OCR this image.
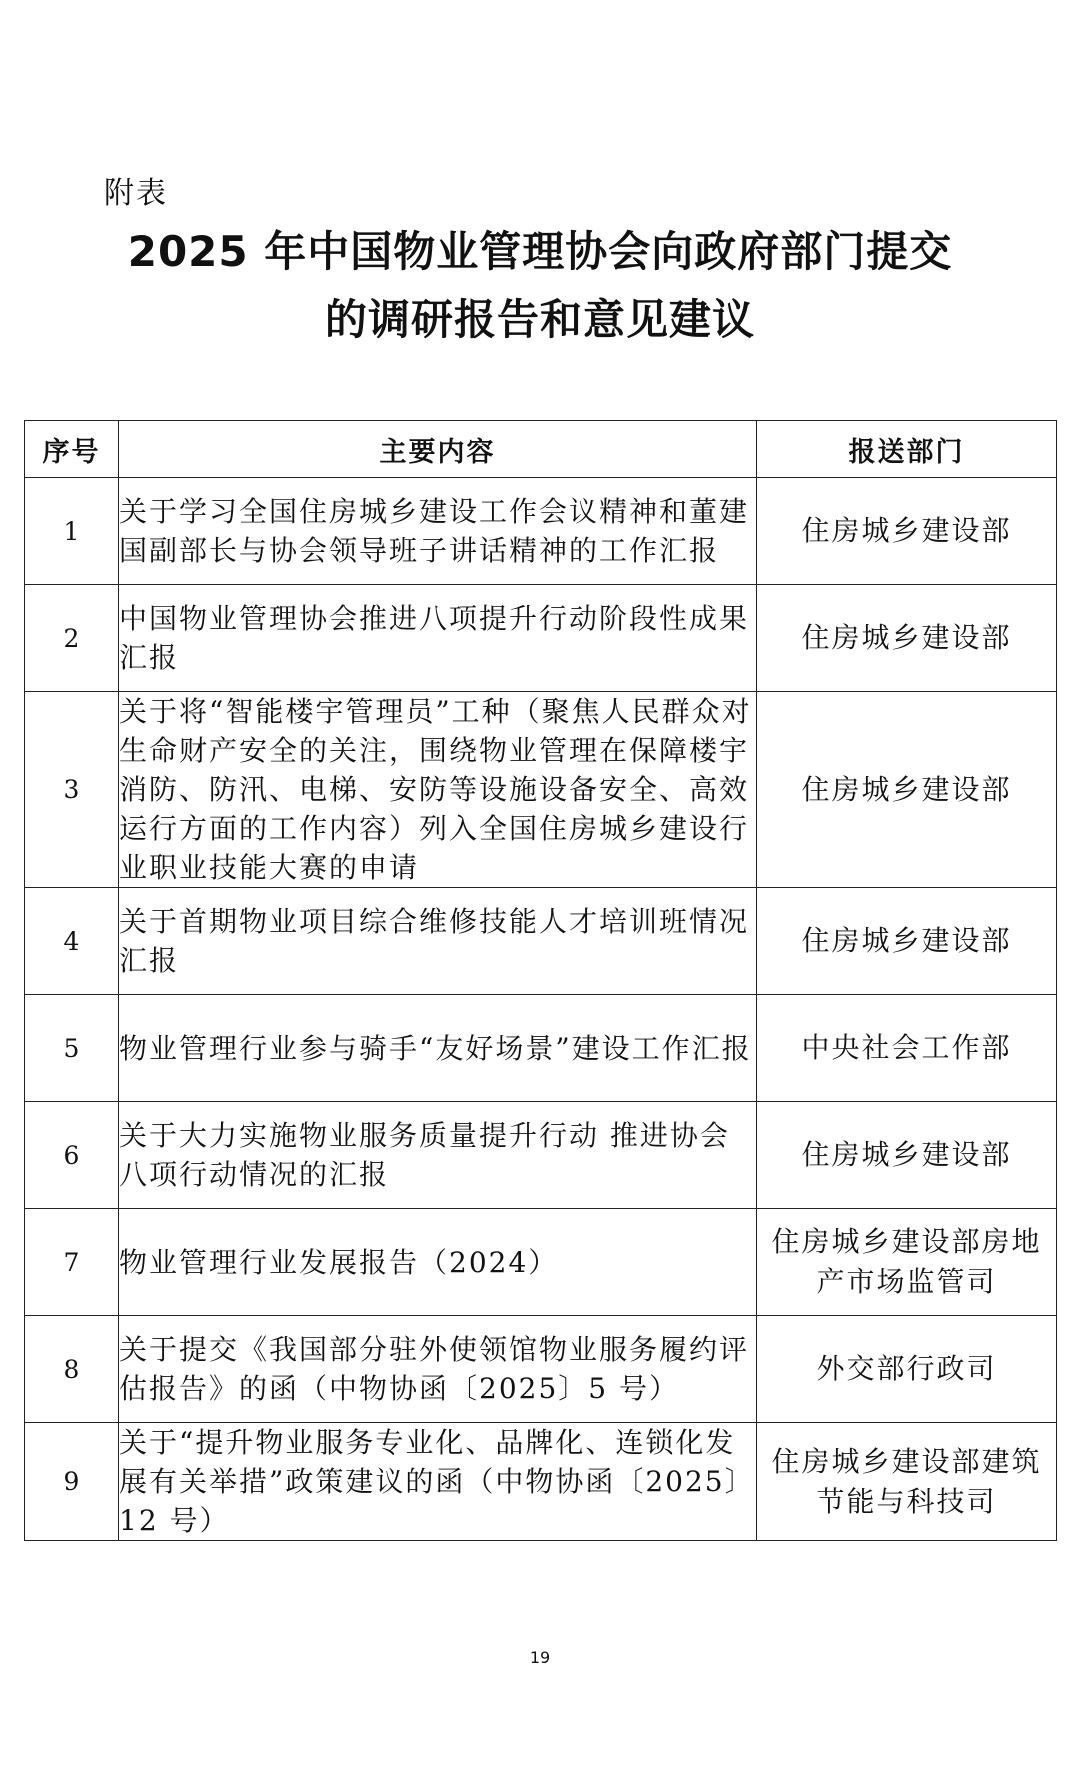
附表
2025 年中国物业管理协会向政府部门提交
的调研报告和意见建议
序号	主要内容	报送部门
1	关于学习全国住房城乡建设工作会议精神和董建国副部长与协会领导班子讲话精神的工作汇报	住房城乡建设部
2	中国物业管理协会推进八项提升行动阶段性成果汇报	住房城乡建设部
3	关于将“智能楼宇管理员”工种（聚焦人民群众对生命财产安全的关注，围绕物业管理在保障楼宇消防、防汛、电梯、安防等设施设备安全、高效运行方面的工作内容）列入全国住房城乡建设行业职业技能大赛的申请	住房城乡建设部
4	关于首期物业项目综合维修技能人才培训班情况汇报	住房城乡建设部
5	物业管理行业参与骑手“友好场景”建设工作汇报	中央社会工作部
6	关于大力实施物业服务质量提升行动 推进协会八项行动情况的汇报	住房城乡建设部
7	物业管理行业发展报告（2024）	住房城乡建设部房地产市场监管司
8	关于提交《我国部分驻外使领馆物业服务履约评估报告》的函（中物协函〔2025〕5 号）	外交部行政司
9	关于“提升物业服务专业化、品牌化、连锁化发展有关举措”政策建议的函（中物协函〔2025〕12 号）	住房城乡建设部建筑节能与科技司
19
